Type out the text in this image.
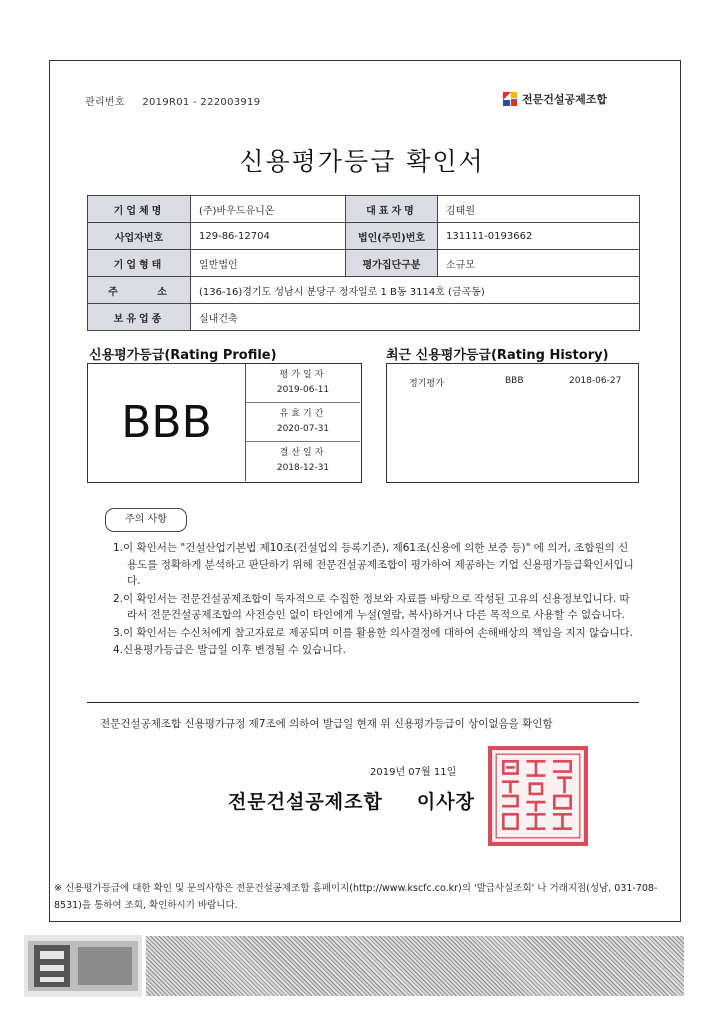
관리번호 2019R01 - 222003919	전문건설공제조합
신용평가등급 확인서
기업체명	(주)바우드유니온	대표자명	김태원
사업자번호	129-86-12704	법인(주민)번호	131111-0193662
기업형태	일반법인	평가집단구분	소규모
주 소	(136-16)경기도 성남시 분당구 정자일로 1 B동 3114호 (금곡동)		
보유업종	실내건축		
신용평가등급(Rating Profile)	최근 신용평가등급(Rating History)
BBB
평가일자
2019-06-11
유효기간
2020-07-31
결산일자
2018-12-31
정기평가	BBB	2018-06-27
주의 사항

1.이 확인서는 "건설산업기본법 제10조(건설업의 등록기준), 제61조(신용에 의한 보증 등)" 에 의거, 조합원의 신용도를 정확하게 분석하고 판단하기 위해 전문건설공제조합이 평가하여 제공하는 기업 신용평가등급확인서입니다.

2.이 확인서는 전문건설공제조합이 독자적으로 수집한 정보와 자료를 바탕으로 작성된 고유의 신용정보입니다. 따라서 전문건설공제조합의 사전승인 없이 타인에게 누설(열람, 복사)하거나 다른 목적으로 사용할 수 없습니다.

3.이 확인서는 수신처에게 참고자료로 제공되며 이를 활용한 의사결정에 대하여 손해배상의 책임을 지지 않습니다.

4.신용평가등급은 발급일 이후 변경될 수 있습니다.

전문건설공제조합 신용평가규정 제7조에 의하여 발급일 현재 위 신용평가등급이 상이없음을 확인함
2019년 07월 11일
전문건설공제조합 이사장
※ 신용평가등급에 대한 확인 및 문의사항은 전문건설공제조합 홈페이지(http://www.kscfc.co.kr)의 '발급사실조회' 나 거래지점(성남, 031-708-8531)을 통하여 조회, 확인하시기 바랍니다.
